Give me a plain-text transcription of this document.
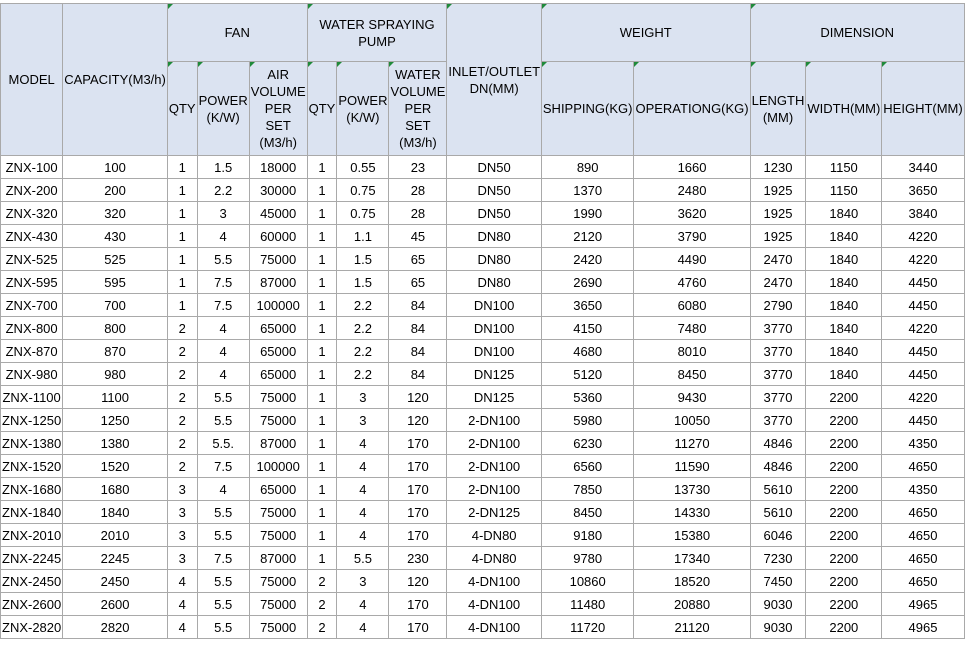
MODEL	CAPACITY(M3/h)	FAN			WATER SPRAYING PUMP			INLET/OUTLET DN(MM)	WEIGHT		DIMENSION		
		QTY	POWER (K/W)	AIR VOLUME PER SET (M3/h)	QTY	POWER (K/W)	WATER VOLUME PER SET (M3/h)		SHIPPING(KG)	OPERATIONG(KG)	LENGTH (MM)	WIDTH(MM)	HEIGHT(MM)
ZNX-100	100	1	1.5	18000	1	0.55	23	DN50	890	1660	1230	1150	3440
ZNX-200	200	1	2.2	30000	1	0.75	28	DN50	1370	2480	1925	1150	3650
ZNX-320	320	1	3	45000	1	0.75	28	DN50	1990	3620	1925	1840	3840
ZNX-430	430	1	4	60000	1	1.1	45	DN80	2120	3790	1925	1840	4220
ZNX-525	525	1	5.5	75000	1	1.5	65	DN80	2420	4490	2470	1840	4220
ZNX-595	595	1	7.5	87000	1	1.5	65	DN80	2690	4760	2470	1840	4450
ZNX-700	700	1	7.5	100000	1	2.2	84	DN100	3650	6080	2790	1840	4450
ZNX-800	800	2	4	65000	1	2.2	84	DN100	4150	7480	3770	1840	4220
ZNX-870	870	2	4	65000	1	2.2	84	DN100	4680	8010	3770	1840	4450
ZNX-980	980	2	4	65000	1	2.2	84	DN125	5120	8450	3770	1840	4450
ZNX-1100	1100	2	5.5	75000	1	3	120	DN125	5360	9430	3770	2200	4220
ZNX-1250	1250	2	5.5	75000	1	3	120	2-DN100	5980	10050	3770	2200	4450
ZNX-1380	1380	2	5.5.	87000	1	4	170	2-DN100	6230	11270	4846	2200	4350
ZNX-1520	1520	2	7.5	100000	1	4	170	2-DN100	6560	11590	4846	2200	4650
ZNX-1680	1680	3	4	65000	1	4	170	2-DN100	7850	13730	5610	2200	4350
ZNX-1840	1840	3	5.5	75000	1	4	170	2-DN125	8450	14330	5610	2200	4650
ZNX-2010	2010	3	5.5	75000	1	4	170	4-DN80	9180	15380	6046	2200	4650
ZNX-2245	2245	3	7.5	87000	1	5.5	230	4-DN80	9780	17340	7230	2200	4650
ZNX-2450	2450	4	5.5	75000	2	3	120	4-DN100	10860	18520	7450	2200	4650
ZNX-2600	2600	4	5.5	75000	2	4	170	4-DN100	11480	20880	9030	2200	4965
ZNX-2820	2820	4	5.5	75000	2	4	170	4-DN100	11720	21120	9030	2200	4965
